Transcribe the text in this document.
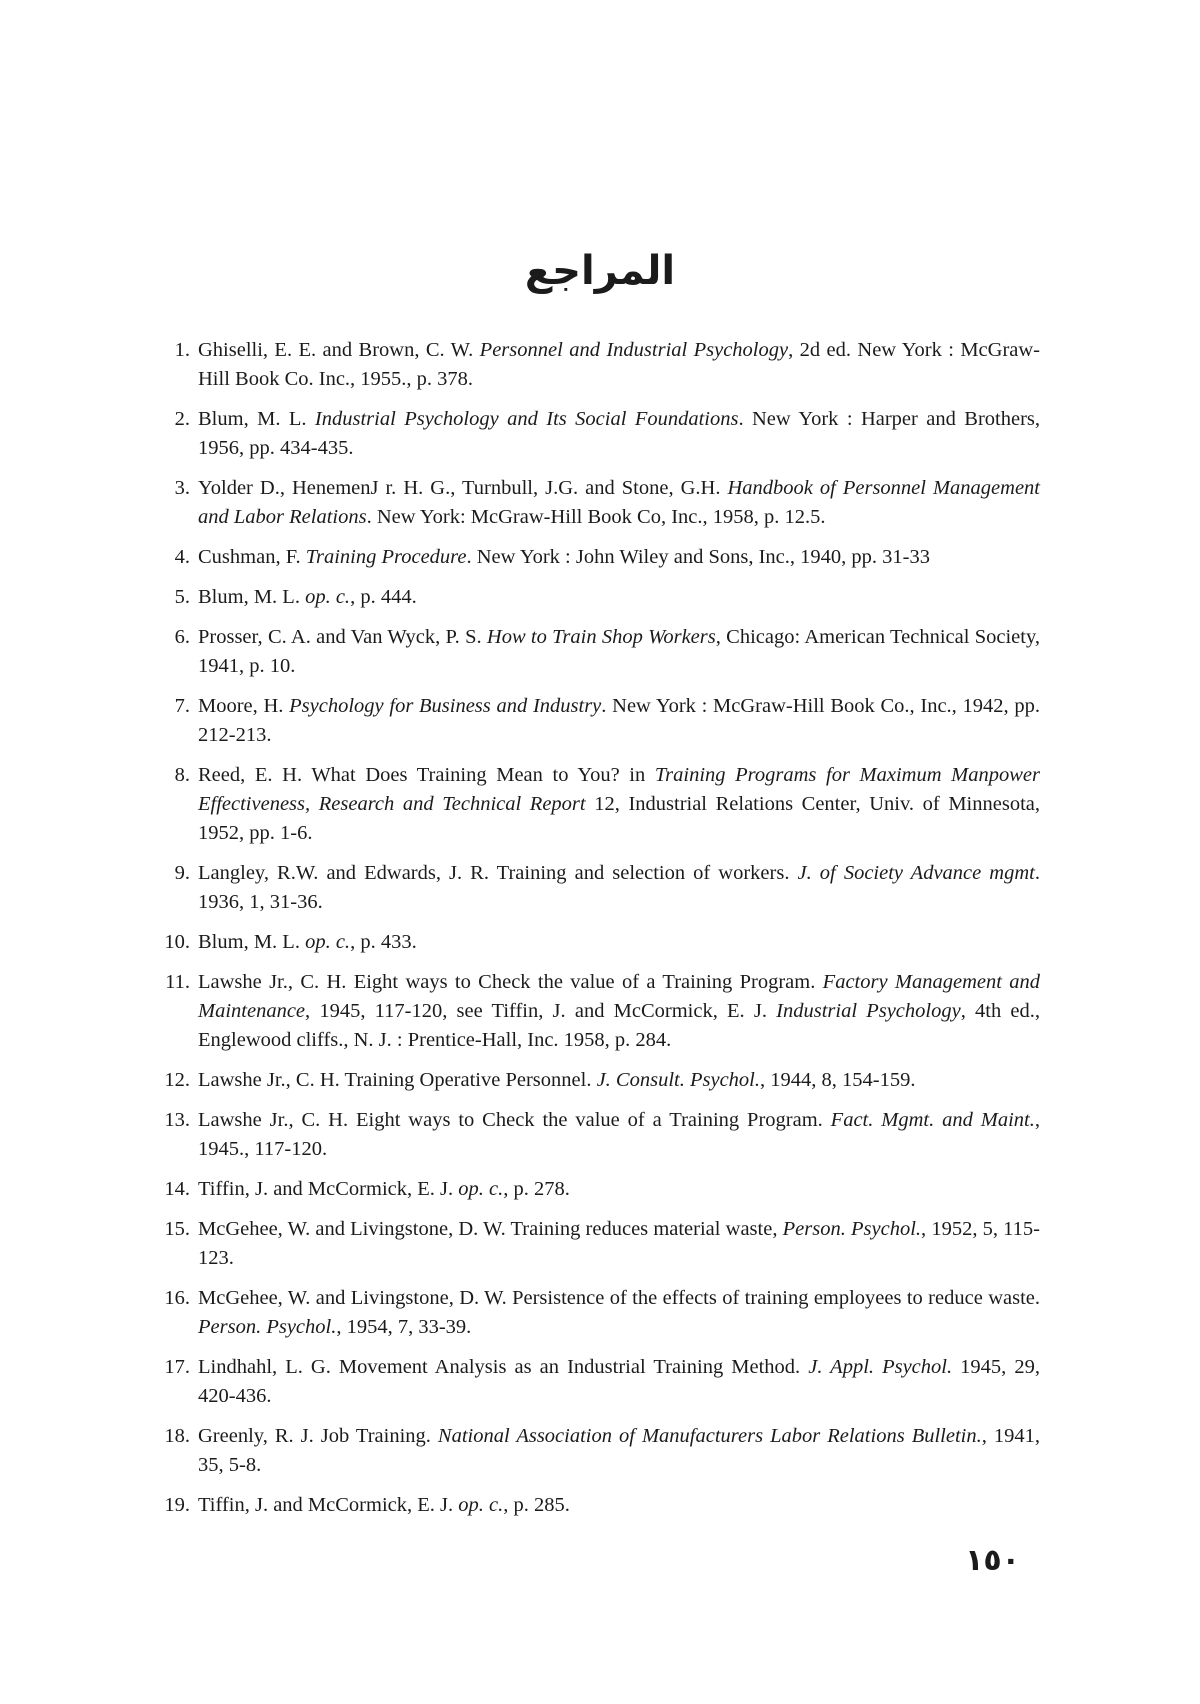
المراجع
1. Ghiselli, E. E. and Brown, C. W. Personnel and Industrial Psychology, 2d ed. New York : McGraw-Hill Book Co. Inc., 1955., p. 378.
2. Blum, M. L. Industrial Psychology and Its Social Foundations. New York : Harper and Brothers, 1956, pp. 434-435.
3. Yolder D., HenemenJ r. H. G., Turnbull, J.G. and Stone, G.H. Handbook of Personnel Management and Labor Relations. New York: McGraw-Hill Book Co, Inc., 1958, p. 12.5.
4. Cushman, F. Training Procedure. New York : John Wiley and Sons, Inc., 1940, pp. 31-33
5. Blum, M. L. op. c., p. 444.
6. Prosser, C. A. and Van Wyck, P. S. How to Train Shop Workers, Chicago: American Technical Society, 1941, p. 10.
7. Moore, H. Psychology for Business and Industry. New York : McGraw-Hill Book Co., Inc., 1942, pp. 212-213.
8. Reed, E. H. What Does Training Mean to You? in Training Programs for Maximum Manpower Effectiveness, Research and Technical Report 12, Industrial Relations Center, Univ. of Minnesota, 1952, pp. 1-6.
9. Langley, R.W. and Edwards, J. R. Training and selection of workers. J. of Society Advance mgmt. 1936, 1, 31-36.
10. Blum, M. L. op. c., p. 433.
11. Lawshe Jr., C. H. Eight ways to Check the value of a Training Program. Factory Management and Maintenance, 1945, 117-120, see Tiffin, J. and McCormick, E. J. Industrial Psychology, 4th ed., Englewood cliffs., N. J. : Prentice-Hall, Inc. 1958, p. 284.
12. Lawshe Jr., C. H. Training Operative Personnel. J. Consult. Psychol., 1944, 8, 154-159.
13. Lawshe Jr., C. H. Eight ways to Check the value of a Training Program. Fact. Mgmt. and Maint., 1945., 117-120.
14. Tiffin, J. and McCormick, E. J. op. c., p. 278.
15. McGehee, W. and Livingstone, D. W. Training reduces material waste, Person. Psychol., 1952, 5, 115-123.
16. McGehee, W. and Livingstone, D. W. Persistence of the effects of training employees to reduce waste. Person. Psychol., 1954, 7, 33-39.
17. Lindhahl, L. G. Movement Analysis as an Industrial Training Method. J. Appl. Psychol. 1945, 29, 420-436.
18. Greenly, R. J. Job Training. National Association of Manufacturers Labor Relations Bulletin., 1941, 35, 5-8.
19. Tiffin, J. and McCormick, E. J. op. c., p. 285.
١٥٠
